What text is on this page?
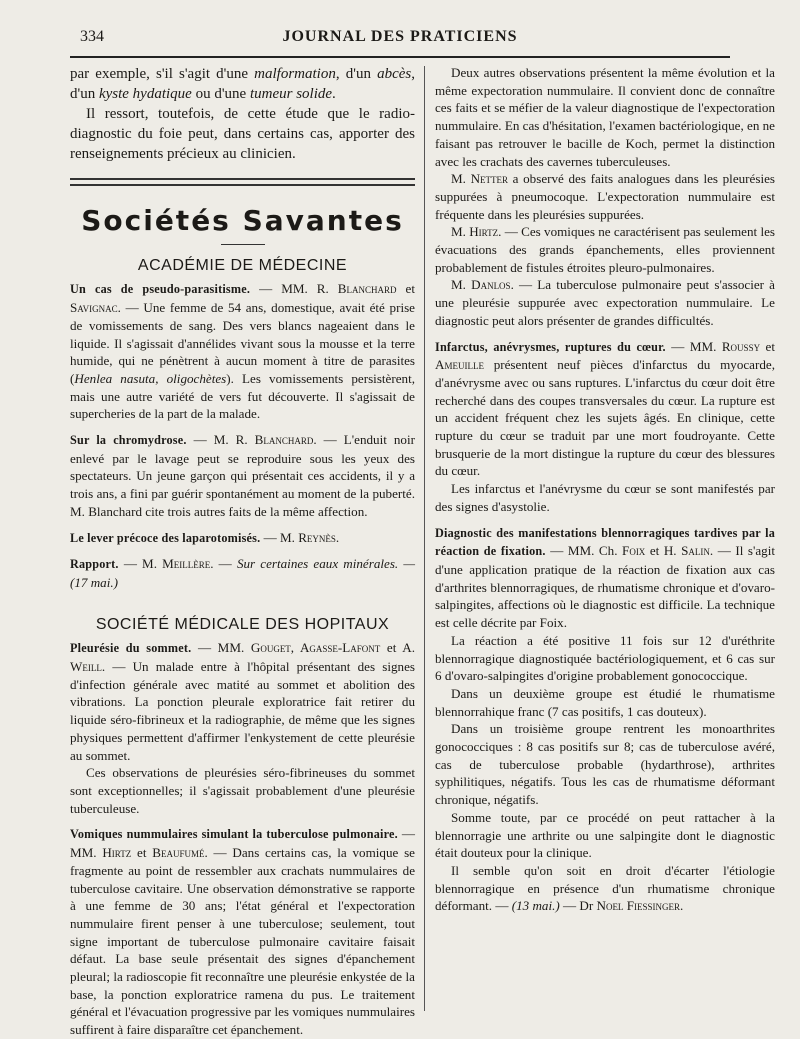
334	JOURNAL DES PRATICIENS

par exemple, s'il s'agit d'une malformation, d'un abcès, d'un kyste hydatique ou d'une tumeur solide.

Il ressort, toutefois, de cette étude que le radio-diagnostic du foie peut, dans certains cas, apporter des renseignements précieux au clinicien.

Sociétés Savantes
ACADÉMIE DE MÉDECINE

Un cas de pseudo-parasitisme. — MM. R. Blanchard et Savignac. — Une femme de 54 ans, domestique, avait été prise de vomissements de sang. Des vers blancs nageaient dans le liquide. Il s'agissait d'annélides vivant sous la mousse et la terre humide, qui ne pénètrent à aucun moment à titre de parasites (Henlea nasuta, oligochètes). Les vomissements persistèrent, mais une autre variété de vers fut découverte. Il s'agissait de supercheries de la part de la malade.

Sur la chromydrose. — M. R. Blanchard. — L'enduit noir enlevé par le lavage peut se reproduire sous les yeux des spectateurs. Un jeune garçon qui présentait ces accidents, il y a trois ans, a fini par guérir spontanément au moment de la puberté. M. Blanchard cite trois autres faits de la même affection.

Le lever précoce des laparotomisés. — M. Reynès.

Rapport. — M. Meillère. — Sur certaines eaux minérales. — (17 mai.)

SOCIÉTÉ MÉDICALE DES HOPITAUX

Pleurésie du sommet. — MM. Gouget, Agasse-Lafont et A. Weill. — Un malade entre à l'hôpital présentant des signes d'infection générale avec matité au sommet et abolition des vibrations. La ponction pleurale exploratrice fait retirer du liquide séro-fibrineux et la radiographie, de même que les signes physiques permettent d'affirmer l'enkystement de cette pleurésie au sommet.

Ces observations de pleurésies séro-fibrineuses du sommet sont exceptionnelles; il s'agissait probablement d'une pleurésie tuberculeuse.

Vomiques nummulaires simulant la tuberculose pulmonaire. — MM. Hirtz et Beaufumé. — Dans certains cas, la vomique se fragmente au point de ressembler aux crachats nummulaires de tuberculose cavitaire. Une observation démonstrative se rapporte à une femme de 30 ans; l'état général et l'expectoration nummulaire firent penser à une tuberculose; seulement, tout signe important de tuberculose pulmonaire cavitaire faisait défaut. La base seule présentait des signes d'épanchement pleural; la radioscopie fit reconnaître une pleurésie enkystée de la base, la ponction exploratrice ramena du pus. Le traitement général et l'évacuation progressive par les vomiques nummulaires suffirent à faire disparaître cet épanchement.

Deux autres observations présentent la même évolution et la même expectoration nummulaire. Il convient donc de connaître ces faits et se méfier de la valeur diagnostique de l'expectoration nummulaire. En cas d'hésitation, l'examen bactériologique, en ne faisant pas retrouver le bacille de Koch, permet la distinction avec les crachats des cavernes tuberculeuses.

M. Netter a observé des faits analogues dans les pleurésies suppurées à pneumocoque. L'expectoration nummulaire est fréquente dans les pleurésies suppurées.

M. Hirtz. — Ces vomiques ne caractérisent pas seulement les évacuations des grands épanchements, elles proviennent probablement de fistules étroites pleuro-pulmonaires.

M. Danlos. — La tuberculose pulmonaire peut s'associer à une pleurésie suppurée avec expectoration nummulaire. Le diagnostic peut alors présenter de grandes difficultés.

Infarctus, anévrysmes, ruptures du cœur. — MM. Roussy et Ameuille présentent neuf pièces d'infarctus du myocarde, d'anévrysme avec ou sans ruptures. L'infarctus du cœur doit être recherché dans des coupes transversales du cœur. La rupture est un accident fréquent chez les sujets âgés. En clinique, cette rupture du cœur se traduit par une mort foudroyante. Cette brusquerie de la mort distingue la rupture du cœur des blessures du cœur.

Les infarctus et l'anévrysme du cœur se sont manifestés par des signes d'asystolie.

Diagnostic des manifestations blennorragiques tardives par la réaction de fixation. — MM. Ch. Foix et H. Salin. — Il s'agit d'une application pratique de la réaction de fixation aux cas d'arthrites blennorragiques, de rhumatisme chronique et d'ovaro-salpingites, affections où le diagnostic est difficile. La technique est celle décrite par Foix.

La réaction a été positive 11 fois sur 12 d'uréthrite blennorragique diagnostiquée bactériologiquement, et 6 cas sur 6 d'ovaro-salpingites d'origine probablement gonococcique.

Dans un deuxième groupe est étudié le rhumatisme blennorrahique franc (7 cas positifs, 1 cas douteux).

Dans un troisième groupe rentrent les monoarthrites gonococciques : 8 cas positifs sur 8; cas de tuberculose avéré, cas de tuberculose probable (hydarthrose), arthrites syphilitiques, négatifs. Tous les cas de rhumatisme déformant chronique, négatifs.

Somme toute, par ce procédé on peut rattacher à la blennorragie une arthrite ou une salpingite dont le diagnostic était douteux pour la clinique.

Il semble qu'on soit en droit d'écarter l'étiologie blennorragique en présence d'un rhumatisme chronique déformant. — (13 mai.) — Dr Noel Fiessinger.
